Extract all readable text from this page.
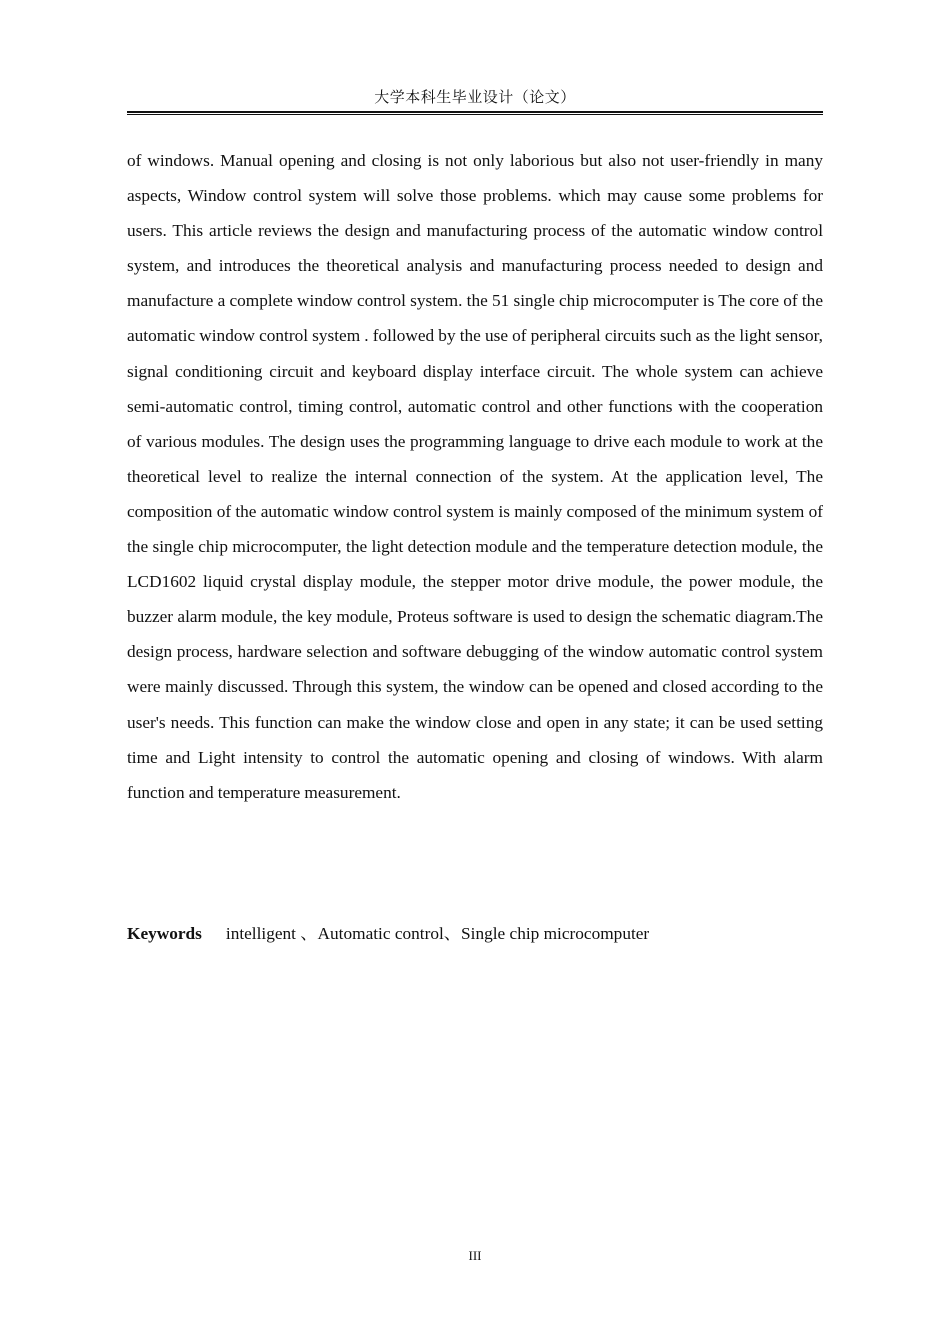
大学本科生毕业设计（论文）

of windows. Manual opening and closing is not only laborious but also not user-friendly in many aspects, Window control system will solve those problems. which may cause some problems for users. This article reviews the design and manufacturing process of the automatic window control system, and introduces the theoretical analysis and manufacturing process needed to design and manufacture a complete window control system. the 51 single chip microcomputer is The core of the automatic window control system . followed by the use of peripheral circuits such as the light sensor, signal conditioning circuit and keyboard display interface circuit. The whole system can achieve semi-automatic control, timing control, automatic control and other functions with the cooperation of various modules. The design uses the programming language to drive each module to work at the theoretical level to realize the internal connection of the system. At the application level, The composition of the automatic window control system is mainly composed of the minimum system of the single chip microcomputer, the light detection module and the temperature detection module, the LCD1602 liquid crystal display module, the stepper motor drive module, the power module, the buzzer alarm module, the key module, Proteus software is used to design the schematic diagram.The design process, hardware selection and software debugging of the window automatic control system were mainly discussed. Through this system, the window can be opened and closed according to the user's needs. This function can make the window close and open in any state; it can be used setting time and Light intensity to control the automatic opening and closing of windows. With alarm function and temperature measurement.

Keywords intelligent 、Automatic control、Single chip microcomputer

III
